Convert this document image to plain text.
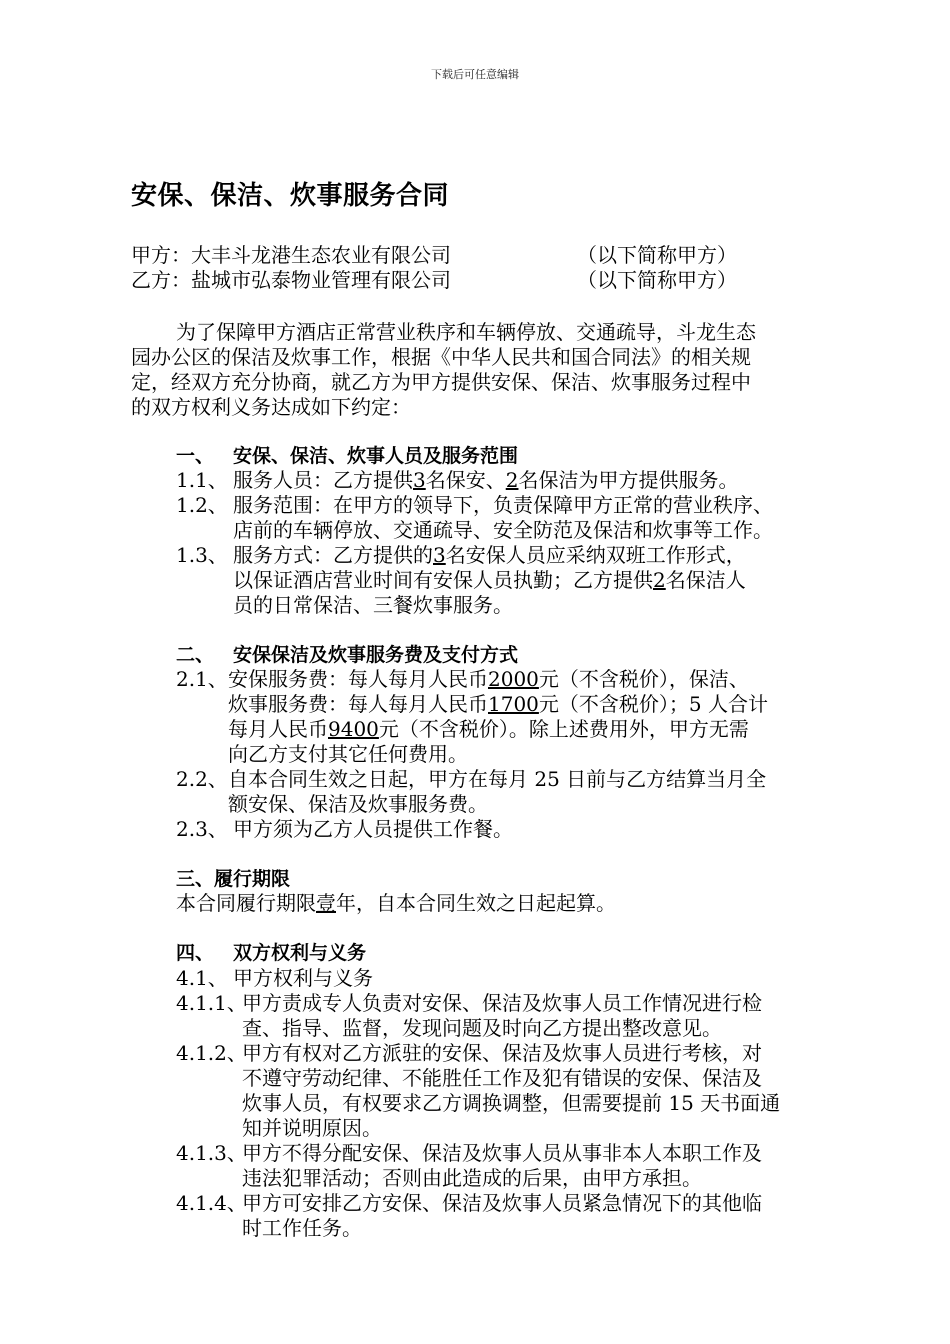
下载后可任意编辑
安保、保洁、炊事服务合同
甲方：大丰斗龙港生态农业有限公司	（以下简称甲方）
乙方：盐城市弘泰物业管理有限公司	（以下简称甲方）
为了保障甲方酒店正常营业秩序和车辆停放、交通疏导，斗龙生态
园办公区的保洁及炊事工作，根据《中华人民共和国合同法》的相关规
定，经双方充分协商，就乙方为甲方提供安保、保洁、炊事服务过程中
的双方权利义务达成如下约定：
一、 安保、保洁、炊事人员及服务范围
1.1、 服务人员：乙方提供3名保安、2名保洁为甲方提供服务。
1.2、 服务范围：在甲方的领导下，负责保障甲方正常的营业秩序、
店前的车辆停放、交通疏导、安全防范及保洁和炊事等工作。
1.3、 服务方式：乙方提供的3名安保人员应采纳双班工作形式，
以保证酒店营业时间有安保人员执勤；乙方提供2名保洁人
员的日常保洁、三餐炊事服务。
二、 安保保洁及炊事服务费及支付方式
2.1、 安保服务费：每人每月人民币2000元（不含税价），保洁、
炊事服务费：每人每月人民币1700元（不含税价）；5 人合计
每月人民币9400元（不含税价）。除上述费用外，甲方无需
向乙方支付其它任何费用。
2.2、 自本合同生效之日起，甲方在每月 25 日前与乙方结算当月全
额安保、保洁及炊事服务费。
2.3、 甲方须为乙方人员提供工作餐。
三、履行期限
本合同履行期限壹年，自本合同生效之日起起算。
四、 双方权利与义务
4.1、 甲方权利与义务
4.1.1、
甲方责成专人负责对安保、保洁及炊事人员工作情况进行检
查、指导、监督，发现问题及时向乙方提出整改意见。
4.1.2、
甲方有权对乙方派驻的安保、保洁及炊事人员进行考核，对
不遵守劳动纪律、不能胜任工作及犯有错误的安保、保洁及
炊事人员，有权要求乙方调换调整，但需要提前 15 天书面通
知并说明原因。
4.1.3、
甲方不得分配安保、保洁及炊事人员从事非本人本职工作及
违法犯罪活动；否则由此造成的后果，由甲方承担。
4.1.4、
甲方可安排乙方安保、保洁及炊事人员紧急情况下的其他临
时工作任务。
